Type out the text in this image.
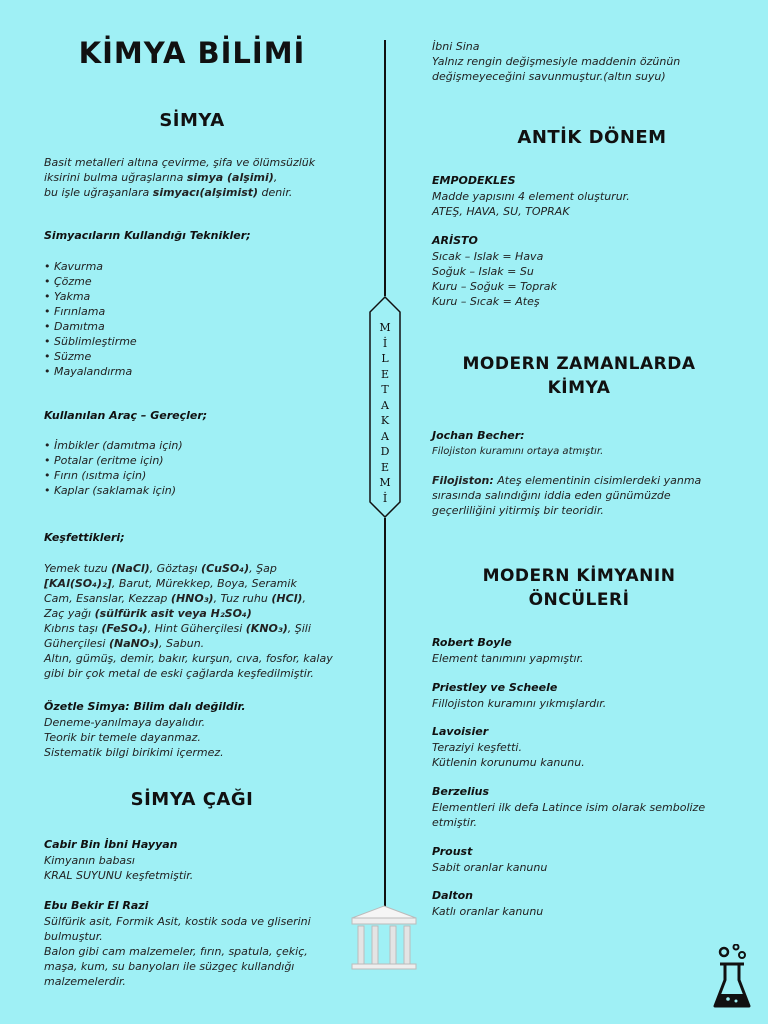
KİMYA BİLİMİ
M
İ
L
E
T
A
K
A
D
E
M
İ
SİMYA
Basit metalleri altına çevirme, şifa ve ölümsüzlük
iksirini bulma uğraşlarına simya (alşimi),
bu işle uğraşanlara simyacı(alşimist) denir.
Simyacıların Kullandığı Teknikler;
• Kavurma
• Çözme
• Yakma
• Fırınlama
• Damıtma
• Süblimleştirme
• Süzme
• Mayalandırma
Kullanılan Araç – Gereçler;
• İmbikler (damıtma için)
• Potalar (eritme için)
• Fırın (ısıtma için)
• Kaplar (saklamak için)
Keşfettikleri;
Yemek tuzu (NaCl), Göztaşı (CuSO₄), Şap
[KAl(SO₄)₂], Barut, Mürekkep, Boya, Seramik
Cam, Esanslar, Kezzap (HNO₃), Tuz ruhu (HCl),
Zaç yağı (sülfürik asit veya H₂SO₄)
Kıbrıs taşı (FeSO₄), Hint Güherçilesi (KNO₃), Şili
Güherçilesi (NaNO₃), Sabun.
Altın, gümüş, demir, bakır, kurşun, cıva, fosfor, kalay
gibi bir çok metal de eski çağlarda keşfedilmiştir.
Özetle Simya: Bilim dalı değildir.
Deneme-yanılmaya dayalıdır.
Teorik bir temele dayanmaz.
Sistematik bilgi birikimi içermez.
SİMYA ÇAĞI
Cabir Bin İbni Hayyan
Kimyanın babası
KRAL SUYUNU keşfetmiştir.
Ebu Bekir El Razi
Sülfürik asit, Formik Asit, kostik soda ve gliserini
bulmuştur.
Balon gibi cam malzemeler, fırın, spatula, çekiç,
maşa, kum, su banyoları ile süzgeç kullandığı
malzemelerdir.
İbni Sina
Yalnız rengin değişmesiyle maddenin özünün
değişmeyeceğini savunmuştur.(altın suyu)
ANTİK DÖNEM
EMPODEKLES
Madde yapısını 4 element oluşturur.
ATEŞ, HAVA, SU, TOPRAK
ARİSTO
Sıcak – Islak = Hava
Soğuk – Islak = Su
Kuru – Soğuk = Toprak
Kuru – Sıcak = Ateş
MODERN ZAMANLARDA
KİMYA
Jochan Becher:
Filojiston kuramını ortaya atmıştır.
Filojiston: Ateş elementinin cisimlerdeki yanma
sırasında salındığını iddia eden günümüzde
geçerliliğini yitirmiş bir teoridir.
MODERN KİMYANIN
ÖNCÜLERİ
Robert Boyle
Element tanımını yapmıştır.
Priestley ve Scheele
Fillojiston kuramını yıkmışlardır.
Lavoisier
Teraziyi keşfetti.
Kütlenin korunumu kanunu.
Berzelius
Elementleri ilk defa Latince isim olarak sembolize
etmiştir.
Proust
Sabit oranlar kanunu
Dalton
Katlı oranlar kanunu
